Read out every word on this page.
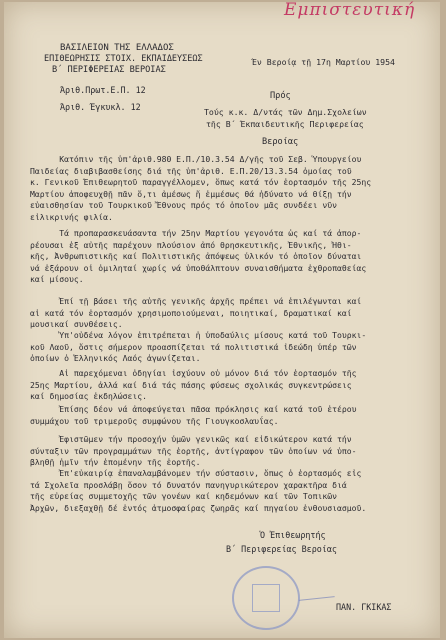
Εμπιστευτική
ΒΑΣΙΛΕΙΟΝ ΤΗΣ ΕΛΛΑΔΟΣ
ΕΠΙΘΕΩΡΗΣΙΣ ΣΤΟΙΧ. ΕΚΠΑΙΔΕΥΣΕΩΣ
Β΄ ΠΕΡΙΦΕΡΕΙΑΣ ΒΕΡΟΙΑΣ
Έν Βεροίᾳ τῇ 17η Μαρτίου 1954
Άριθ.Πρωτ.Ε.Π. 12
Άριθ. Έγκυκλ. 12
Πρός
Τούς κ.κ. Δ/ντάς τῶν Δημ.Σχολείων
τῆς Β΄ Έκπαιδευτικῆς Περιφερείας
Βεροίας
Κατόπιν τῆς ὑπ'ἀριθ.980 Ε.Π./10.3.54 Δ/γῆς τοῦ Σεβ. Ὑπουργείου
Παιδείας διαβιβασθείσης διά τῆς ὑπ'ἀριθ. Ε.Π.20/13.3.54 ὁμοίας τοῦ
κ. Γενικοῦ Έπιθεωρητοῦ παραγγέλλομεν, ὅπως κατά τόν ἑορτασμόν τῆς 25ης
Μαρτίου ἀποφευχθῇ πᾶν ὅ,τι ἀμέσως ἤ ἐμμέσως θά ἠδύνατο νά θίξῃ τήν
εὐαισθησίαν τοῦ Τουρκικοῦ Ἔθνους πρός τό ὁποῖον μᾶς συνδέει νῦν
εἰλικρινής φιλία.
Τά προπαρασκευάσαντα τήν 25ην Μαρτίου γεγονότα ὡς καί τά ἀπορ-
ρέουσαι ἐξ αὐτῆς παρέχουν πλούσιον ἀπό θρησκευτικῆς, Ἐθνικῆς, Ἠθι-
κῆς, Ἀνθρωπιστικῆς καί Πολιτιστικῆς ἀπόψεως ὑλικόν τό ὁποῖον δύναται
νά ἐξάρουν οἱ ὁμιληταί χωρίς νά ὑποθάλπτουν συναισθήματα ἐχθροπαθείας
καί μίσους.
Ἐπί τῇ βάσει τῆς αὐτῆς γενικῆς ἀρχῆς πρέπει νά ἐπιλέγωνται καί
αἱ κατά τόν ἑορτασμόν χρησιμοποιούμεναι, ποιητικαί, δραματικαί καί
μουσικαί συνθέσεις.
Ὑπ'οὐδένα λόγον ἐπιτρέπεται ἡ ὑποδαύλις μίσους κατά τοῦ Τουρκι-
κοῦ Λαοῦ, ὅστις σήμερον προασπίζεται τά πολιτιστικά ἰδεώδη ὑπέρ τῶν
ὁποίων ὁ Ἑλληνικός Λαός ἀγωνίζεται.
Αἱ παρεχόμεναι ὁδηγίαι ἰσχύουν οὐ μόνον διά τόν ἑορτασμόν τῆς
25ης Μαρτίου, ἀλλά καί διά τάς πάσης φύσεως σχολικάς συγκεντρώσεις
καί δημοσίας ἐκδηλώσεις.
Ἐπίσης δέον νά ἀποφεύγεται πᾶσα πρόκλησις καί κατά τοῦ ἑτέρου
συμμάχου τοῦ τριμεροῦς συμφώνου τῆς Γιουγκοσλαυΐας.
Ἐφιστῶμεν τήν προσοχήν ὑμῶν γενικῶς καί εἰδικώτερον κατά τήν
σύνταξιν τῶν προγραμμάτων τῆς ἑορτῆς, ἀντίγραφον τῶν ὁποίων νά ὑπο-
βληθῇ ἡμῖν τήν ἐπομένην τῆς ἑορτῆς.
Ἐπ'εὐκαιρίᾳ ἐπαναλαμβάνομεν τήν σύστασιν, ὅπως ὁ ἑορτασμός εἰς
τά Σχολεῖα προσλάβῃ ὅσον τό δυνατόν πανηγυρικώτερον χαρακτῆρα διά
τῆς εὐρείας συμμετοχῆς τῶν γονέων καί κηδεμόνων καί τῶν Τοπικῶν
Ἀρχῶν, διεξαχθῇ δέ ἐντός ἀτμοσφαίρας ζωηρᾶς καί πηγαίου ἐνθουσιασμοῦ.
Ὁ Ἐπιθεωρητής
Β΄ Περιφερείας Βεροίας
ΠΑΝ. ΓΚΙΚΑΣ
